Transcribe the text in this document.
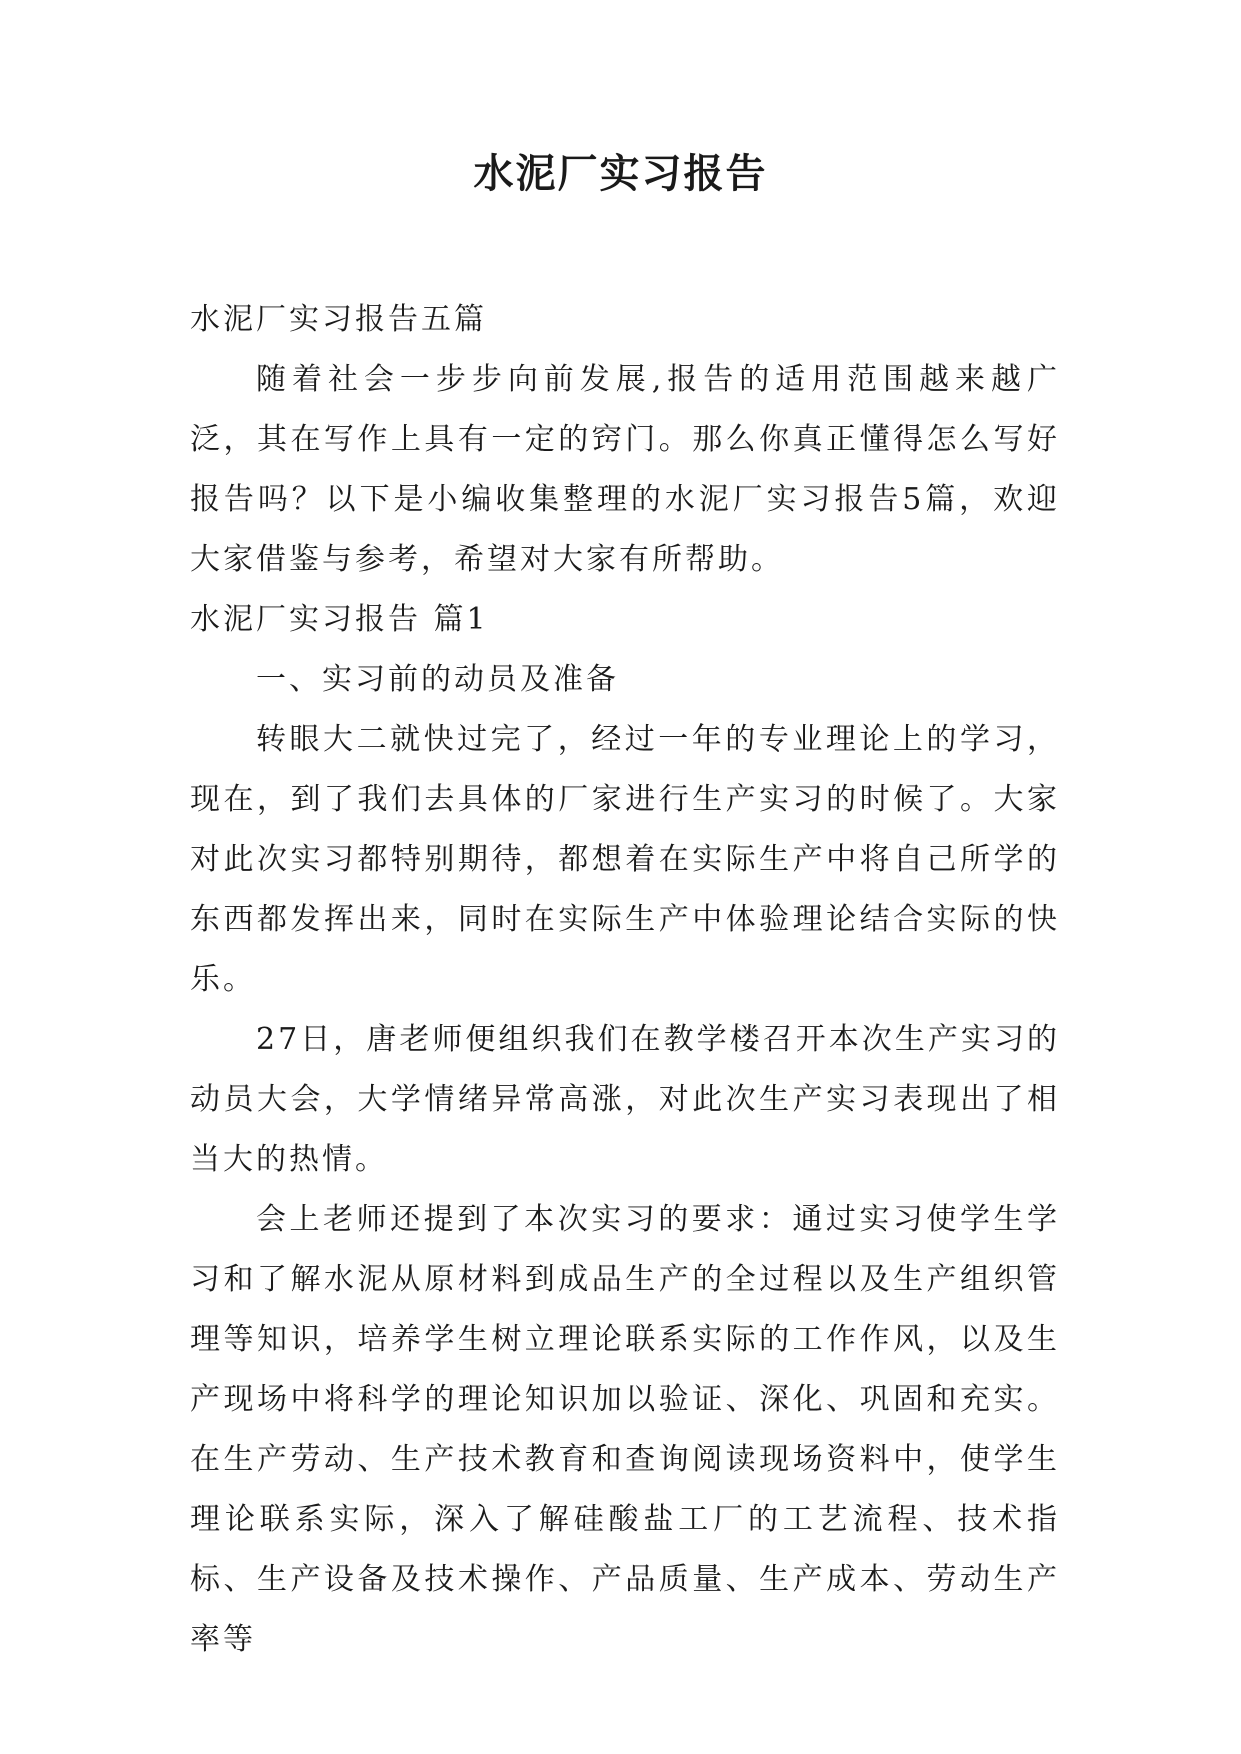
水泥厂实习报告

水泥厂实习报告五篇

随着社会一步步向前发展,报告的适用范围越来越广泛，其在写作上具有一定的窍门。那么你真正懂得怎么写好报告吗？以下是小编收集整理的水泥厂实习报告5篇，欢迎大家借鉴与参考，希望对大家有所帮助。

水泥厂实习报告 篇1

一、实习前的动员及准备

转眼大二就快过完了，经过一年的专业理论上的学习，现在，到了我们去具体的厂家进行生产实习的时候了。大家对此次实习都特别期待，都想着在实际生产中将自己所学的东西都发挥出来，同时在实际生产中体验理论结合实际的快乐。

27日，唐老师便组织我们在教学楼召开本次生产实习的动员大会，大学情绪异常高涨，对此次生产实习表现出了相当大的热情。

会上老师还提到了本次实习的要求：通过实习使学生学习和了解水泥从原材料到成品生产的全过程以及生产组织管理等知识，培养学生树立理论联系实际的工作作风，以及生产现场中将科学的理论知识加以验证、深化、巩固和充实。在生产劳动、生产技术教育和查询阅读现场资料中，使学生理论联系实际，深入了解硅酸盐工厂的工艺流程、技术指标、生产设备及技术操作、产品质量、生产成本、劳动生产率等
